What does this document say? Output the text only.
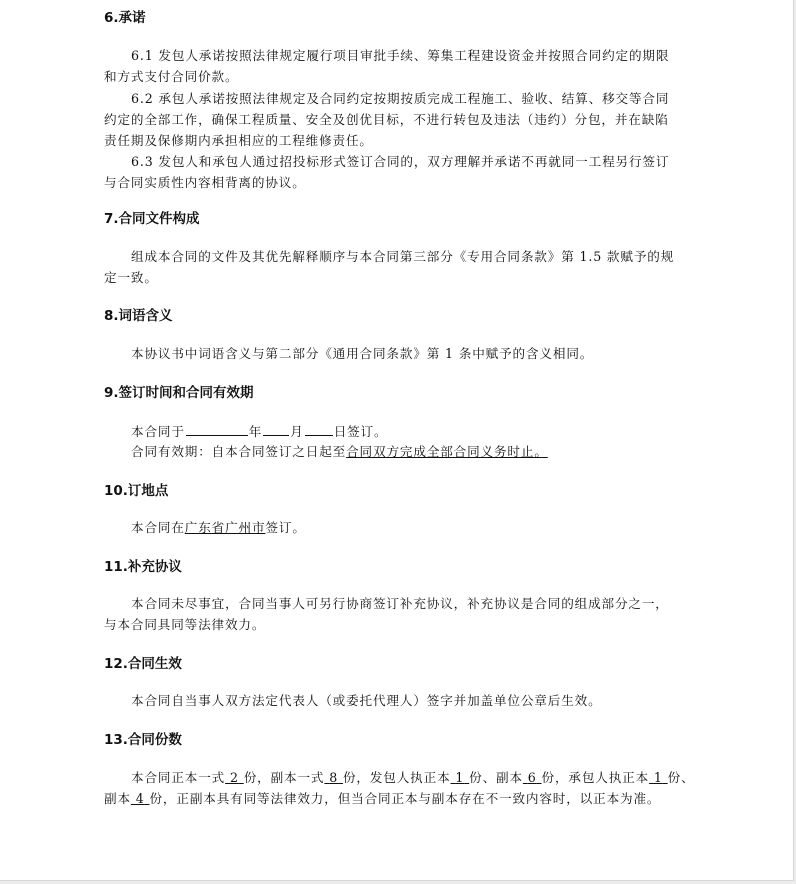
6.承诺
6.1 发包人承诺按照法律规定履行项目审批手续、筹集工程建设资金并按照合同约定的期限
和方式支付合同价款。
6.2 承包人承诺按照法律规定及合同约定按期按质完成工程施工、验收、结算、移交等合同
约定的全部工作，确保工程质量、安全及创优目标，不进行转包及违法（违约）分包，并在缺陷
责任期及保修期内承担相应的工程维修责任。
6.3 发包人和承包人通过招投标形式签订合同的，双方理解并承诺不再就同一工程另行签订
与合同实质性内容相背离的协议。
7.合同文件构成
组成本合同的文件及其优先解释顺序与本合同第三部分《专用合同条款》第 1.5 款赋予的规
定一致。
8.词语含义
本协议书中词语含义与第二部分《通用合同条款》第 1 条中赋予的含义相同。
9.签订时间和合同有效期
本合同于	年 月 日签订。
合同有效期：自本合同签订之日起至合同双方完成全部合同义务时止。
10.订地点
本合同在广东省广州市签订。
11.补充协议
本合同未尽事宜，合同当事人可另行协商签订补充协议，补充协议是合同的组成部分之一，
与本合同具同等法律效力。
12.合同生效
本合同自当事人双方法定代表人（或委托代理人）签字并加盖单位公章后生效。
13.合同份数
本合同正本一式 2 份，副本一式 8 份，发包人执正本 1 份、副本 6 份，承包人执正本 1 份、
副本 4 份，正副本具有同等法律效力，但当合同正本与副本存在不一致内容时，以正本为准。
